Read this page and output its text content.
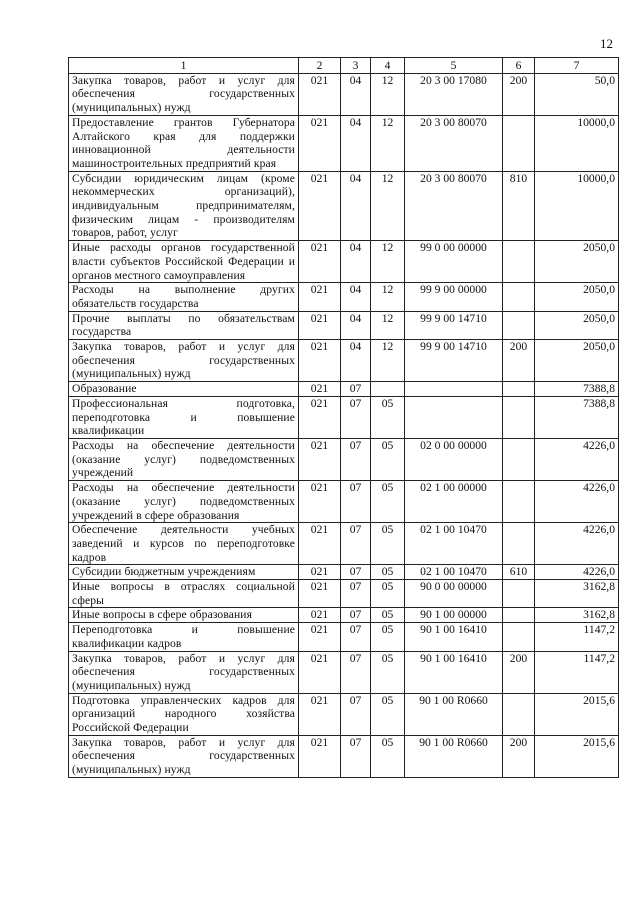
12
1	2	3	4	5	6	7
Закупка товаров, работ и услуг для обеспечения государственных (муниципальных) нужд	021	04	12	20 3 00 17080	200	50,0
Предоставление грантов Губернатора Алтайского края для поддержки инновационной деятельности машиностроительных предприятий края	021	04	12	20 3 00 80070		10000,0
Субсидии юридическим лицам (кроме некоммерческих организаций), индивидуальным предпринимателям, физическим лицам - производителям товаров, работ, услуг	021	04	12	20 3 00 80070	810	10000,0
Иные расходы органов государственной власти субъектов Российской Федерации и органов местного самоуправления	021	04	12	99 0 00 00000		2050,0
Расходы на выполнение других обязательств государства	021	04	12	99 9 00 00000		2050,0
Прочие выплаты по обязательствам государства	021	04	12	99 9 00 14710		2050,0
Закупка товаров, работ и услуг для обеспечения государственных (муниципальных) нужд	021	04	12	99 9 00 14710	200	2050,0
Образование	021	07				7388,8
Профессиональная подготовка, переподготовка и повышение квалификации	021	07	05			7388,8
Расходы на обеспечение деятельности (оказание услуг) подведомственных учреждений	021	07	05	02 0 00 00000		4226,0
Расходы на обеспечение деятельности (оказание услуг) подведомственных учреждений в сфере образования	021	07	05	02 1 00 00000		4226,0
Обеспечение деятельности учебных заведений и курсов по переподготовке кадров	021	07	05	02 1 00 10470		4226,0
Субсидии бюджетным учреждениям	021	07	05	02 1 00 10470	610	4226,0
Иные вопросы в отраслях социальной сферы	021	07	05	90 0 00 00000		3162,8
Иные вопросы в сфере образования	021	07	05	90 1 00 00000		3162,8
Переподготовка и повышение квалификации кадров	021	07	05	90 1 00 16410		1147,2
Закупка товаров, работ и услуг для обеспечения государственных (муниципальных) нужд	021	07	05	90 1 00 16410	200	1147,2
Подготовка управленческих кадров для организаций народного хозяйства Российской Федерации	021	07	05	90 1 00 R0660		2015,6
Закупка товаров, работ и услуг для обеспечения государственных (муниципальных) нужд	021	07	05	90 1 00 R0660	200	2015,6
